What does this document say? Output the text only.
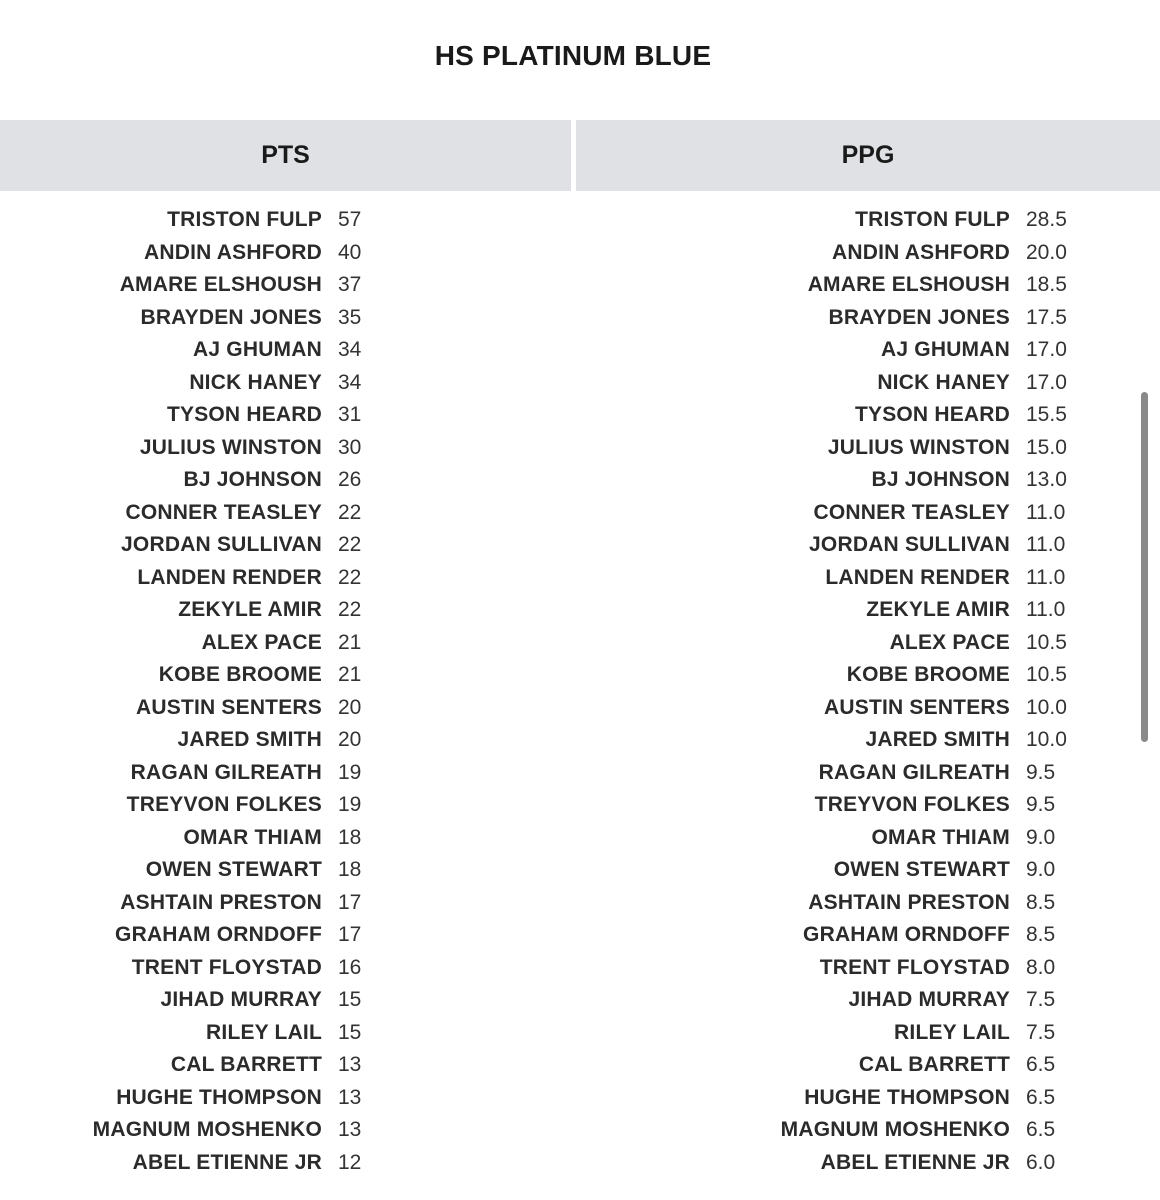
HS PLATINUM BLUE
PTS	PPG
TRISTON FULP
ANDIN ASHFORD
AMARE ELSHOUSH
BRAYDEN JONES
AJ GHUMAN
NICK HANEY
TYSON HEARD
JULIUS WINSTON
BJ JOHNSON
CONNER TEASLEY
JORDAN SULLIVAN
LANDEN RENDER
ZEKYLE AMIR
ALEX PACE
KOBE BROOME
AUSTIN SENTERS
JARED SMITH
RAGAN GILREATH
TREYVON FOLKES
OMAR THIAM
OWEN STEWART
ASHTAIN PRESTON
GRAHAM ORNDOFF
TRENT FLOYSTAD
JIHAD MURRAY
RILEY LAIL
CAL BARRETT
HUGHE THOMPSON
MAGNUM MOSHENKO
ABEL ETIENNE JR
57
40
37
35
34
34
31
30
26
22
22
22
22
21
21
20
20
19
19
18
18
17
17
16
15
15
13
13
13
12
TRISTON FULP
ANDIN ASHFORD
AMARE ELSHOUSH
BRAYDEN JONES
AJ GHUMAN
NICK HANEY
TYSON HEARD
JULIUS WINSTON
BJ JOHNSON
CONNER TEASLEY
JORDAN SULLIVAN
LANDEN RENDER
ZEKYLE AMIR
ALEX PACE
KOBE BROOME
AUSTIN SENTERS
JARED SMITH
RAGAN GILREATH
TREYVON FOLKES
OMAR THIAM
OWEN STEWART
ASHTAIN PRESTON
GRAHAM ORNDOFF
TRENT FLOYSTAD
JIHAD MURRAY
RILEY LAIL
CAL BARRETT
HUGHE THOMPSON
MAGNUM MOSHENKO
ABEL ETIENNE JR
28.5
20.0
18.5
17.5
17.0
17.0
15.5
15.0
13.0
11.0
11.0
11.0
11.0
10.5
10.5
10.0
10.0
9.5
9.5
9.0
9.0
8.5
8.5
8.0
7.5
7.5
6.5
6.5
6.5
6.0
